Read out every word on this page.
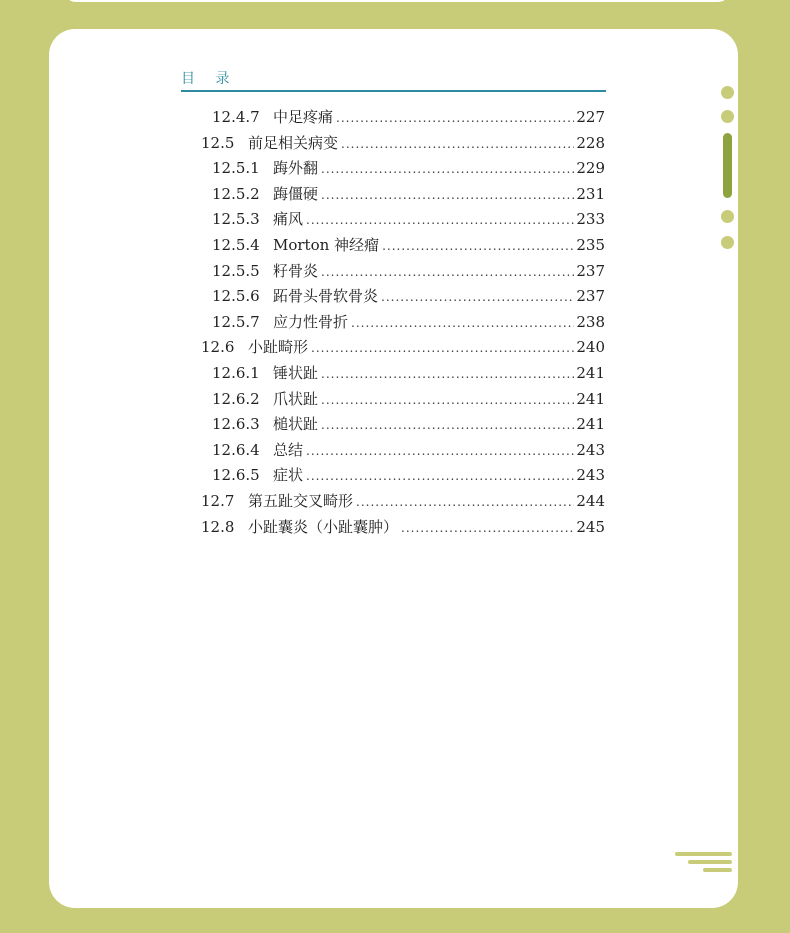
目 录
12.4.7 中足疼痛 .....	227
12.5 前足相关病变 .....	228
12.5.1 踇外翻 .....	229
12.5.2 踇僵硬 .....	231
12.5.3 痛风 .....	233
12.5.4 Morton 神经瘤 .....	235
12.5.5 籽骨炎 .....	237
12.5.6 跖骨头骨软骨炎 .....	237
12.5.7 应力性骨折 .....	238
12.6 小趾畸形 .....	240
12.6.1 锤状趾 .....	241
12.6.2 爪状趾 .....	241
12.6.3 槌状趾 .....	241
12.6.4 总结 .....	243
12.6.5 症状 .....	243
12.7 第五趾交叉畸形 .....	244
12.8 小趾囊炎（小趾囊肿） .....	245
